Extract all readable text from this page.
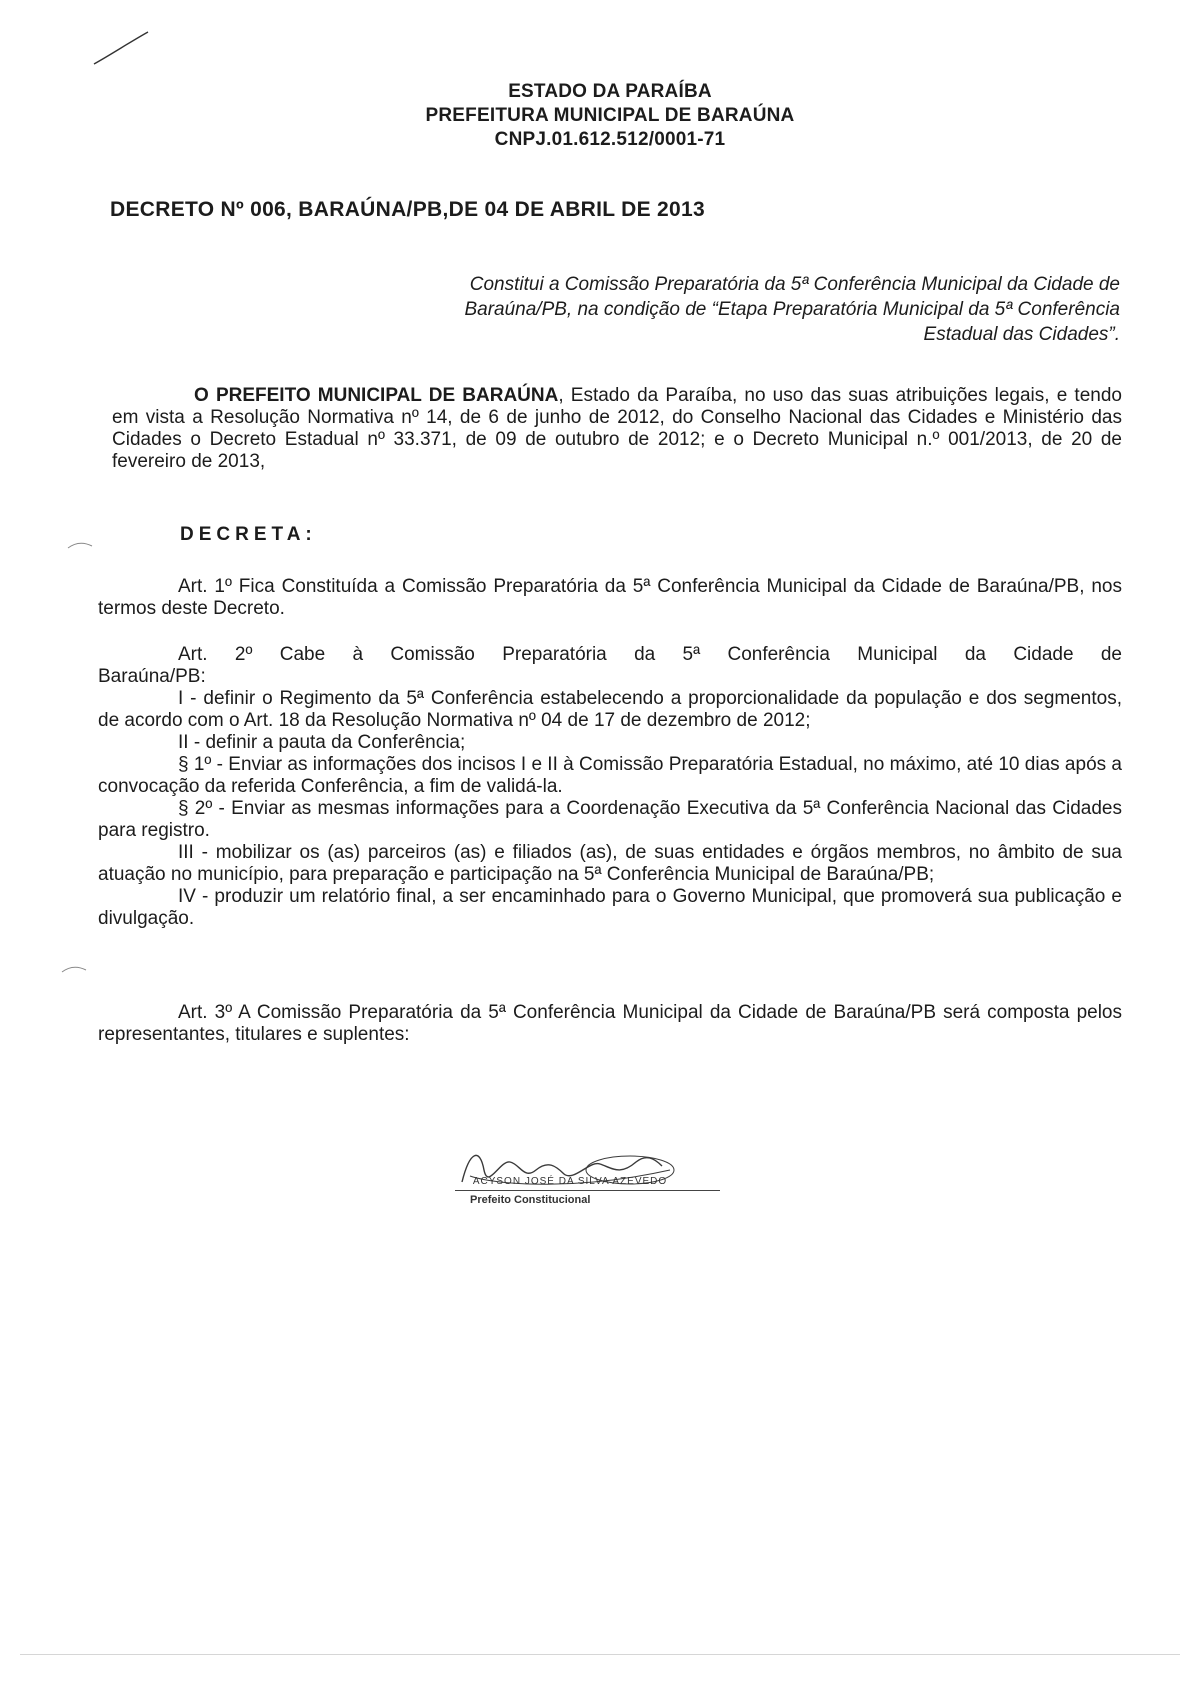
ESTADO DA PARAÍBA
PREFEITURA MUNICIPAL DE BARAÚNA
CNPJ.01.612.512/0001-71
DECRETO Nº 006, BARAÚNA/PB,DE 04 DE ABRIL DE 2013
Constitui a Comissão Preparatória da 5ª Conferência Municipal da Cidade de
Baraúna/PB, na condição de “Etapa Preparatória Municipal da 5ª Conferência
Estadual das Cidades”.
O PREFEITO MUNICIPAL DE BARAÚNA, Estado da Paraíba, no uso das suas atribuições legais, e tendo em vista a Resolução Normativa nº 14, de 6 de junho de 2012, do Conselho Nacional das Cidades e Ministério das Cidades o Decreto Estadual nº 33.371, de 09 de outubro de 2012; e o Decreto Municipal n.º 001/2013, de 20 de fevereiro de 2013,
DECRETA:

Art. 1º Fica Constituída a Comissão Preparatória da 5ª Conferência Municipal da Cidade de Baraúna/PB, nos termos deste Decreto.

Art. 2º Cabe à Comissão Preparatória da 5ª Conferência Municipal da Cidade de Baraúna/PB:

I - definir o Regimento da 5ª Conferência estabelecendo a proporcionalidade da população e dos segmentos, de acordo com o Art. 18 da Resolução Normativa nº 04 de 17 de dezembro de 2012;

II - definir a pauta da Conferência;

§ 1º - Enviar as informações dos incisos I e II à Comissão Preparatória Estadual, no máximo, até 10 dias após a convocação da referida Conferência, a fim de validá-la.

§ 2º - Enviar as mesmas informações para a Coordenação Executiva da 5ª Conferência Nacional das Cidades para registro.

III - mobilizar os (as) parceiros (as) e filiados (as), de suas entidades e órgãos membros, no âmbito de sua atuação no município, para preparação e participação na 5ª Conferência Municipal de Baraúna/PB;

IV - produzir um relatório final, a ser encaminhado para o Governo Municipal, que promoverá sua publicação e divulgação.

Art. 3º A Comissão Preparatória da 5ª Conferência Municipal da Cidade de Baraúna/PB será composta pelos representantes, titulares e suplentes:

ACYSON JOSÉ DA SILVA AZEVEDO
Prefeito Constitucional
